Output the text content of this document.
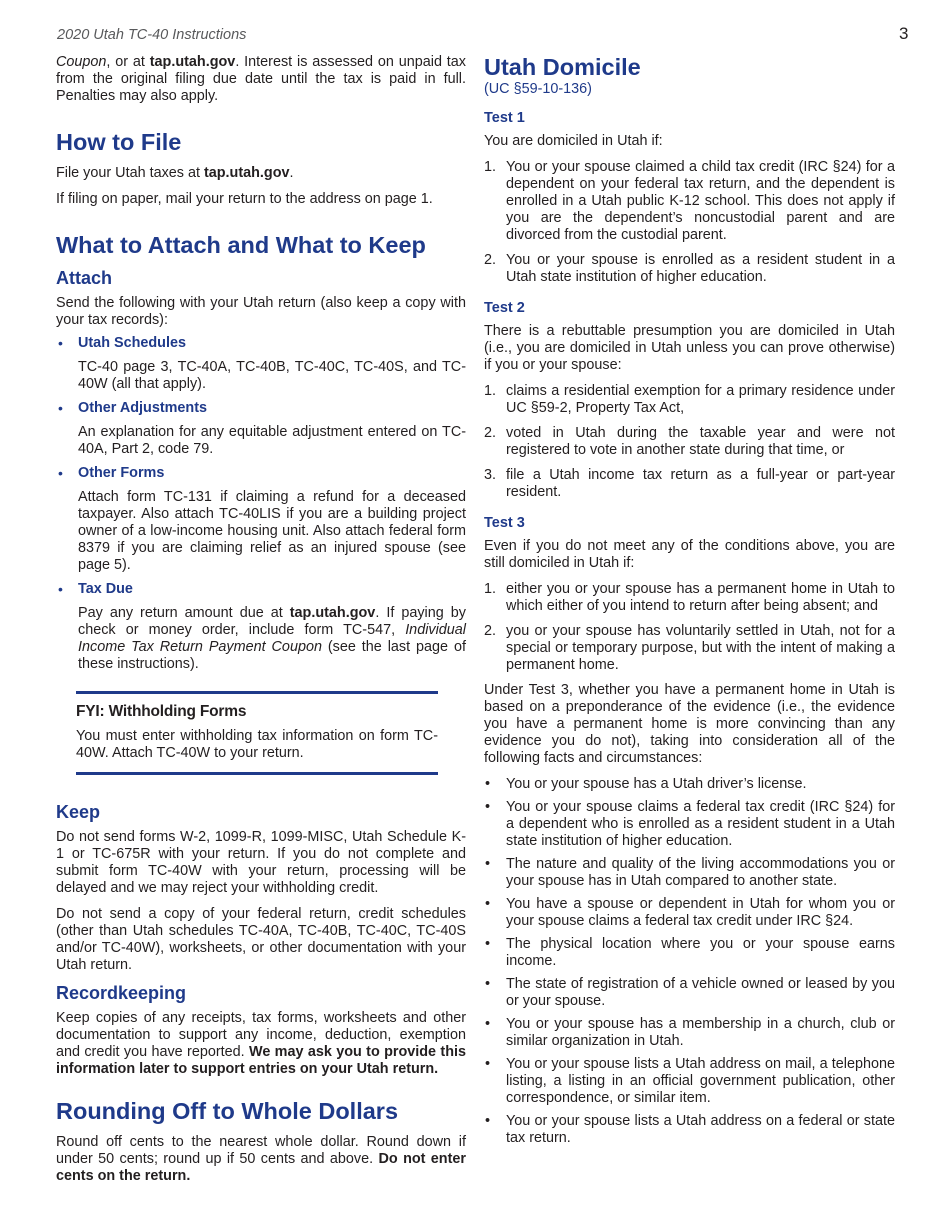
2020 Utah TC-40 Instructions	3

Coupon, or at tap.utah.gov. Interest is assessed on unpaid tax from the original filing due date until the tax is paid in full. Penalties may also apply.

How to File

File your Utah taxes at tap.utah.gov.

If filing on paper, mail your return to the address on page 1.

What to Attach and What to Keep
Attach

Send the following with your Utah return (also keep a copy with your tax records):

• Utah Schedules
TC-40 page 3, TC-40A, TC-40B, TC-40C, TC-40S, and TC-40W (all that apply).
• Other Adjustments
An explanation for any equitable adjustment entered on TC-40A, Part 2, code 79.
• Other Forms
Attach form TC-131 if claiming a refund for a deceased taxpayer. Also attach TC-40LIS if you are a building project owner of a low-income housing unit. Also attach federal form 8379 if you are claiming relief as an injured spouse (see page 5).
• Tax Due
Pay any return amount due at tap.utah.gov. If paying by check or money order, include form TC-547, Individual Income Tax Return Payment Coupon (see the last page of these instructions).
FYI: Withholding Forms

You must enter withholding tax information on form TC-40W. Attach TC-40W to your return.

Keep

Do not send forms W-2, 1099-R, 1099-MISC, Utah Schedule K-1 or TC-675R with your return. If you do not complete and submit form TC-40W with your return, processing will be delayed and we may reject your withholding credit.

Do not send a copy of your federal return, credit schedules (other than Utah schedules TC-40A, TC-40B, TC-40C, TC-40S and/or TC-40W), worksheets, or other documentation with your Utah return.

Recordkeeping

Keep copies of any receipts, tax forms, worksheets and other documentation to support any income, deduction, exemption and credit you have reported. We may ask you to provide this information later to support entries on your Utah return.

Rounding Off to Whole Dollars

Round off cents to the nearest whole dollar. Round down if under 50 cents; round up if 50 cents and above. Do not enter cents on the return.

Utah Domicile
(UC §59-10-136)
Test 1

You are domiciled in Utah if:

1. You or your spouse claimed a child tax credit (IRC §24) for a dependent on your federal tax return, and the dependent is enrolled in a Utah public K-12 school. This does not apply if you are the dependent’s noncustodial parent and are divorced from the custodial parent.
2. You or your spouse is enrolled as a resident student in a Utah state institution of higher education.
Test 2

There is a rebuttable presumption you are domiciled in Utah (i.e., you are domiciled in Utah unless you can prove otherwise) if you or your spouse:

1. claims a residential exemption for a primary residence under UC §59-2, Property Tax Act,
2. voted in Utah during the taxable year and were not registered to vote in another state during that time, or
3. file a Utah income tax return as a full-year or part-year resident.
Test 3

Even if you do not meet any of the conditions above, you are still domiciled in Utah if:

1. either you or your spouse has a permanent home in Utah to which either of you intend to return after being absent; and
2. you or your spouse has voluntarily settled in Utah, not for a special or temporary purpose, but with the intent of making a permanent home.

Under Test 3, whether you have a permanent home in Utah is based on a preponderance of the evidence (i.e., the evidence you have a permanent home is more convincing than any evidence you do not), taking into consideration all of the following facts and circumstances:

• You or your spouse has a Utah driver’s license.
• You or your spouse claims a federal tax credit (IRC §24) for a dependent who is enrolled as a resident student in a Utah state institution of higher education.
• The nature and quality of the living accommodations you or your spouse has in Utah compared to another state.
• You have a spouse or dependent in Utah for whom you or your spouse claims a federal tax credit under IRC §24.
• The physical location where you or your spouse earns income.
• The state of registration of a vehicle owned or leased by you or your spouse.
• You or your spouse has a membership in a church, club or similar organization in Utah.
• You or your spouse lists a Utah address on mail, a telephone listing, a listing in an official government publication, other correspondence, or similar item.
• You or your spouse lists a Utah address on a federal or state tax return.
